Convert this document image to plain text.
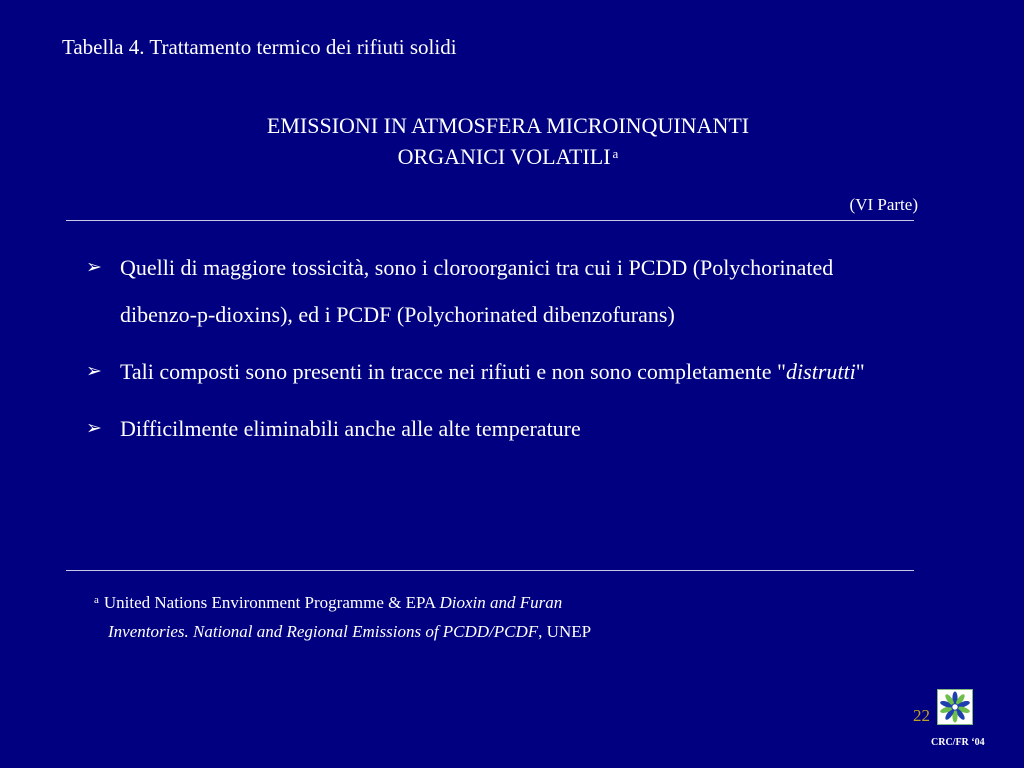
Tabella 4. Trattamento termico dei rifiuti solidi
EMISSIONI IN ATMOSFERA MICROINQUINANTI
ORGANICI VOLATILI $^a$
(VI Parte)
➢ Quelli di maggiore tossicità, sono i cloroorganici tra cui i PCDD (Polychorinated dibenzo-p-dioxins), ed i PCDF (Polychorinated dibenzofurans)
➢ Tali composti sono presenti in tracce nei rifiuti e non sono completamente "distrutti"
➢ Difficilmente eliminabili anche alle alte temperature
$^a$ United Nations Environment Programme & EPA Dioxin and Furan
Inventories. National and Regional Emissions of PCDD/PCDF, UNEP
22
CRC/FR ‘04
